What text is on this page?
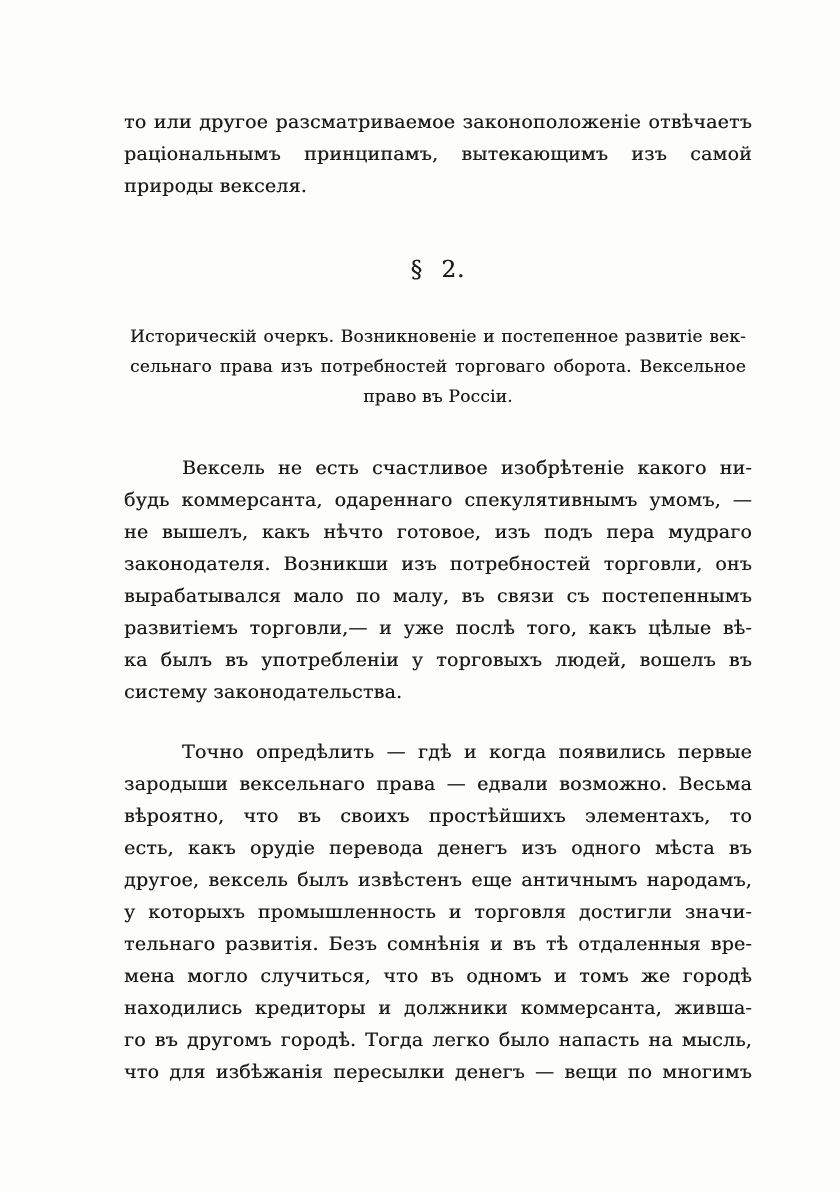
то или другое разсматриваемое законоположеніе отвѣчаетъ
раціональнымъ принципамъ, вытекающимъ изъ самой
природы векселя.
§ 2.
Историческій очеркъ. Возникновеніе и постепенное развитіе век-
сельнаго права изъ потребностей торговаго оборота. Вексельное
право въ Россіи.
Вексель не есть счастливое изобрѣтеніе какого ни-
будь коммерсанта, одареннаго спекулятивнымъ умомъ, —
не вышелъ, какъ нѣчто готовое, изъ подъ пера мудраго
законодателя. Возникши изъ потребностей торговли, онъ
вырабатывался мало по малу, въ связи съ постепеннымъ
развитіемъ торговли,— и уже послѣ того, какъ цѣлые вѣ-
ка былъ въ употребленіи у торговыхъ людей, вошелъ въ
систему законодательства.
Точно опредѣлить — гдѣ и когда появились первые
зародыши вексельнаго права — едвали возможно. Весьма
вѣроятно, что въ своихъ простѣйшихъ элементахъ, то
есть, какъ орудіе перевода денегъ изъ одного мѣста въ
другое, вексель былъ извѣстенъ еще античнымъ народамъ,
у которыхъ промышленность и торговля достигли значи-
тельнаго развитія. Безъ сомнѣнія и въ тѣ отдаленныя вре-
мена могло случиться, что въ одномъ и томъ же городѣ
находились кредиторы и должники коммерсанта, живша-
го въ другомъ городѣ. Тогда легко было напасть на мысль,
что для избѣжанія пересылки денегъ — вещи по многимъ
